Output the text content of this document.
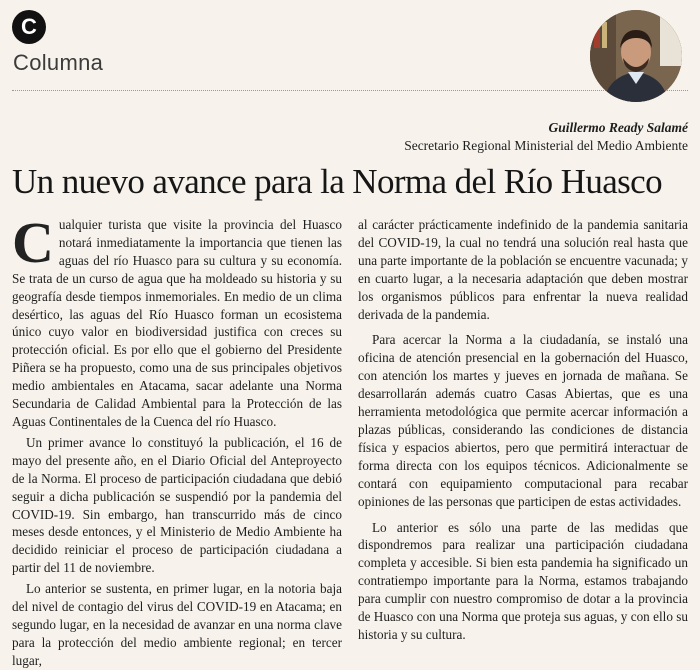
C
Columna
Guillermo Ready Salamé
Secretario Regional Ministerial del Medio Ambiente
Un nuevo avance para la Norma del Río Huasco

Cualquier turista que visite la provincia del Huasco notará inmediatamente la importancia que tienen las aguas del río Huasco para su cultura y su economía. Se trata de un curso de agua que ha moldeado su historia y su geografía desde tiempos inmemoriales. En medio de un clima desértico, las aguas del Río Huasco forman un ecosistema único cuyo valor en biodiversidad justifica con creces su protección oficial. Es por ello que el gobierno del Presidente Piñera se ha propuesto, como una de sus principales objetivos medio ambientales en Atacama, sacar adelante una Norma Secundaria de Calidad Ambiental para la Protección de las Aguas Continentales de la Cuenca del río Huasco.

Un primer avance lo constituyó la publicación, el 16 de mayo del presente año, en el Diario Oficial del Anteproyecto de la Norma. El proceso de participación ciudadana que debió seguir a dicha publicación se suspendió por la pandemia del COVID-19. Sin embargo, han transcurrido más de cinco meses desde entonces, y el Ministerio de Medio Ambiente ha decidido reiniciar el proceso de participación ciudadana a partir del 11 de noviembre.

Lo anterior se sustenta, en primer lugar, en la notoria baja del nivel de contagio del virus del COVID-19 en Atacama; en segundo lugar, en la necesidad de avanzar en una norma clave para la protección del medio ambiente regional; en tercer lugar,

al carácter prácticamente indefinido de la pandemia sanitaria del COVID-19, la cual no tendrá una solución real hasta que una parte importante de la población se encuentre vacunada; y en cuarto lugar, a la necesaria adaptación que deben mostrar los organismos públicos para enfrentar la nueva realidad derivada de la pandemia.

Para acercar la Norma a la ciudadanía, se instaló una oficina de atención presencial en la gobernación del Huasco, con atención los martes y jueves en jornada de mañana. Se desarrollarán además cuatro Casas Abiertas, que es una herramienta metodológica que permite acercar información a plazas públicas, considerando las condiciones de distancia física y espacios abiertos, pero que permitirá interactuar de forma directa con los equipos técnicos. Adicionalmente se contará con equipamiento computacional para recabar opiniones de las personas que participen de estas actividades.

Lo anterior es sólo una parte de las medidas que dispondremos para realizar una participación ciudadana completa y accesible. Si bien esta pandemia ha significado un contratiempo importante para la Norma, estamos trabajando para cumplir con nuestro compromiso de dotar a la provincia de Huasco con una Norma que proteja sus aguas, y con ello su historia y su cultura.
